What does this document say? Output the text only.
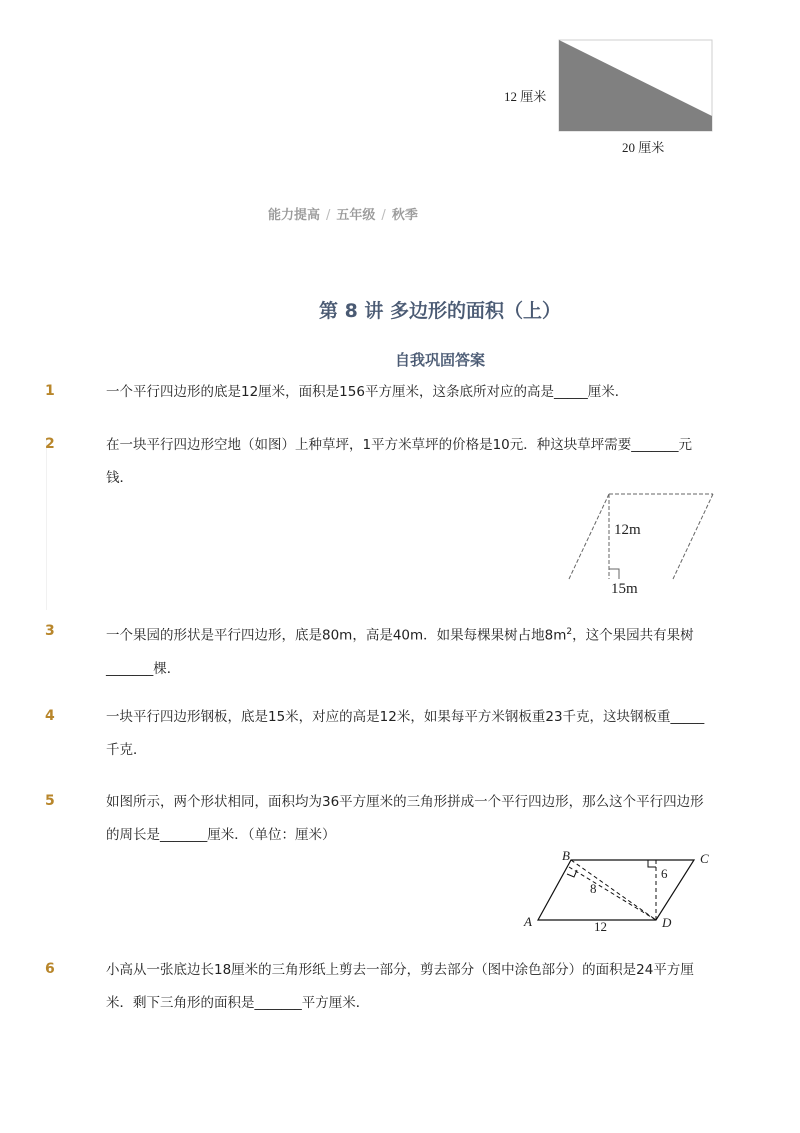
12 厘米
20 厘米
能力提高 / 五年级 / 秋季
第 8 讲 多边形的面积（上）
自我巩固答案
1	一个平行四边形的底是12厘米，面积是156平方厘米，这条底所对应的高是_____厘米．
2	在一块平行四边形空地（如图）上种草坪，1平方米草坪的价格是10元．种这块草坪需要_______元钱．
12m
15m
3	一个果园的形状是平行四边形，底是80m，高是40m．如果每棵果树占地$8m^2$，这个果园共有果树_______棵．
4	一块平行四边形钢板，底是15米，对应的高是12米，如果每平方米钢板重23千克，这块钢板重_____千克．
5	如图所示，两个形状相同，面积均为36平方厘米的三角形拼成一个平行四边形，那么这个平行四边形的周长是_______厘米．（单位：厘米）
B	C
A	D
8
6
12
6	小高从一张底边长18厘米的三角形纸上剪去一部分，剪去部分（图中涂色部分）的面积是24平方厘米．剩下三角形的面积是_______平方厘米．
